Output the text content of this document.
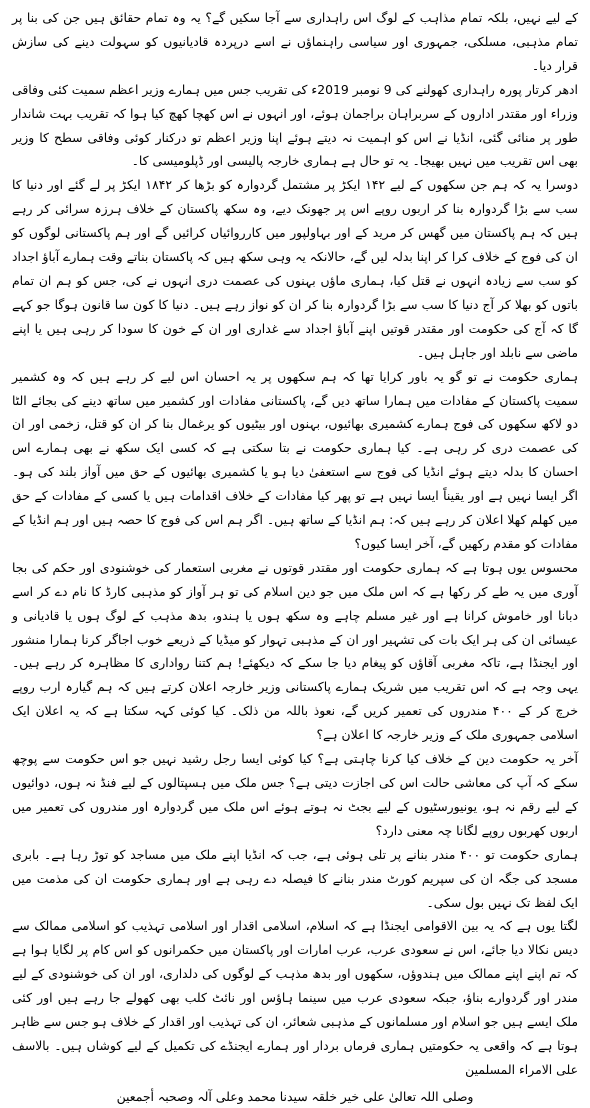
کے لیے نہیں، بلکہ تمام مذاہب کے لوگ اس راہداری سے آجا سکیں گے؟ یہ وہ تمام حقائق ہیں جن کی بنا پر تمام مذہبی، مسلکی، جمہوری اور سیاسی راہنماؤں نے اسے درپردہ قادیانیوں کو سہولت دینے کی سازش قرار دیا۔

ادھر کرتار پورہ راہداری کھولنے کی 9 نومبر 2019ء کی تقریب جس میں ہمارے وزیر اعظم سمیت کئی وفاقی وزراء اور مقتدر اداروں کے سربراہان براجمان ہوئے، اور انہوں نے اس کھچا کھچ کیا ہوا کہ تقریب بہت شاندار طور پر منائی گئی، انڈیا نے اس کو اہمیت نہ دیتے ہوئے اپنا وزیر اعظم تو درکنار کوئی وفاقی سطح کا وزیر بھی اس تقریب میں نہیں بھیجا۔ یہ تو حال ہے ہماری خارجہ پالیسی اور ڈپلومیسی کا۔

دوسرا یہ کہ ہم جن سکھوں کے لیے ۱۴۲ ایکڑ پر مشتمل گردوارہ کو بڑھا کر ۱۸۴۲ ایکڑ پر لے گئے اور دنیا کا سب سے بڑا گردوارہ بنا کر اربوں روپے اس پر جھونک دیے، وہ سکھ پاکستان کے خلاف ہرزہ سرائی کر رہے ہیں کہ ہم پاکستان میں گھس کر مرید کے اور بہاولپور میں کارروائیاں کرائیں گے اور ہم پاکستانی لوگوں کو ان کی فوج کے خلاف کرا کر اپنا بدلہ لیں گے، حالانکہ یہ وہی سکھ ہیں کہ پاکستان بناتے وقت ہمارے آباؤ اجداد کو سب سے زیادہ انہوں نے قتل کیا، ہماری ماؤں بہنوں کی عصمت دری انہوں نے کی، جس کو ہم ان تمام باتوں کو بھلا کر آج دنیا کا سب سے بڑا گردوارہ بنا کر ان کو نواز رہے ہیں۔ دنیا کا کون سا قانون ہوگا جو کہے گا کہ آج کی حکومت اور مقتدر قوتیں اپنے آباؤ اجداد سے غداری اور ان کے خون کا سودا کر رہی ہیں یا اپنے ماضی سے نابلد اور جاہل ہیں۔

ہماری حکومت نے تو گو یہ باور کرایا تھا کہ ہم سکھوں پر یہ احسان اس لیے کر رہے ہیں کہ وہ کشمیر سمیت پاکستان کے مفادات میں ہمارا ساتھ دیں گے، پاکستانی مفادات اور کشمیر میں ساتھ دینے کی بجائے الٹا دو لاکھ سکھوں کی فوج ہمارے کشمیری بھائیوں، بہنوں اور بیٹیوں کو یرغمال بنا کر ان کو قتل، زخمی اور ان کی عصمت دری کر رہی ہے۔ کیا ہماری حکومت نے بتا سکتی ہے کہ کسی ایک سکھ نے بھی ہمارے اس احسان کا بدلہ دیتے ہوئے انڈیا کی فوج سے استعفیٰ دیا ہو یا کشمیری بھائیوں کے حق میں آواز بلند کی ہو۔ اگر ایسا نہیں ہے اور یقیناً ایسا نہیں ہے تو پھر کیا مفادات کے خلاف اقدامات ہیں یا کسی کے مفادات کے حق میں کھلم کھلا اعلان کر رہے ہیں کہ: ہم انڈیا کے ساتھ ہیں۔ اگر ہم اس کی فوج کا حصہ ہیں اور ہم انڈیا کے مفادات کو مقدم رکھیں گے، آخر ایسا کیوں؟

محسوس یوں ہوتا ہے کہ ہماری حکومت اور مقتدر قوتوں نے مغربی استعمار کی خوشنودی اور حکم کی بجا آوری میں یہ طے کر رکھا ہے کہ اس ملک میں جو دین اسلام کی تو ہر آواز کو مذہبی کارڈ کا نام دے کر اسے دبانا اور خاموش کرانا ہے اور غیر مسلم چاہے وہ سکھ ہوں یا ہندو، بدھ مذہب کے لوگ ہوں یا قادیانی و عیسائی ان کی ہر ایک بات کی تشہیر اور ان کے مذہبی تہوار کو میڈیا کے ذریعے خوب اجاگر کرنا ہمارا منشور اور ایجنڈا ہے، تاکہ مغربی آقاؤں کو پیغام دیا جا سکے کہ دیکھئے! ہم کتنا رواداری کا مظاہرہ کر رہے ہیں۔ یہی وجہ ہے کہ اس تقریب میں شریک ہمارے پاکستانی وزیر خارجہ اعلان کرتے ہیں کہ ہم گیارہ ارب روپے خرچ کر کے ۴۰۰ مندروں کی تعمیر کریں گے، نعوذ باللہ من ذلک۔ کیا کوئی کہہ سکتا ہے کہ یہ اعلان ایک اسلامی جمہوری ملک کے وزیر خارجہ کا اعلان ہے؟

آخر یہ حکومت دین کے خلاف کیا کرنا چاہتی ہے؟ کیا کوئی ایسا رجل رشید نہیں جو اس حکومت سے پوچھ سکے کہ آپ کی معاشی حالت اس کی اجازت دیتی ہے؟ جس ملک میں ہسپتالوں کے لیے فنڈ نہ ہوں، دوائیوں کے لیے رقم نہ ہو، یونیورسٹیوں کے لیے بجٹ نہ ہوتے ہوئے اس ملک میں گردوارہ اور مندروں کی تعمیر میں اربوں کھربوں روپے لگانا چہ معنی دارد؟

ہماری حکومت تو ۴۰۰ مندر بنانے پر تلی ہوئی ہے، جب کہ انڈیا اپنے ملک میں مساجد کو توڑ رہا ہے۔ بابری مسجد کی جگہ ان کی سپریم کورٹ مندر بنانے کا فیصلہ دے رہی ہے اور ہماری حکومت ان کی مذمت میں ایک لفظ تک نہیں بول سکی۔

لگتا یوں ہے کہ یہ بین الاقوامی ایجنڈا ہے کہ اسلام، اسلامی اقدار اور اسلامی تہذیب کو اسلامی ممالک سے دیس نکالا دیا جائے، اس نے سعودی عرب، عرب امارات اور پاکستان میں حکمرانوں کو اس کام پر لگایا ہوا ہے کہ تم اپنے اپنے ممالک میں ہندوؤں، سکھوں اور بدھ مذہب کے لوگوں کی دلداری، اور ان کی خوشنودی کے لیے مندر اور گردوارے بناؤ، جبکہ سعودی عرب میں سینما ہاؤس اور نائٹ کلب بھی کھولے جا رہے ہیں اور کئی ملک ایسے ہیں جو اسلام اور مسلمانوں کے مذہبی شعائر، ان کی تہذیب اور اقدار کے خلاف ہو جس سے ظاہر ہوتا ہے کہ واقعی یہ حکومتیں ہماری فرماں بردار اور ہمارے ایجنڈے کی تکمیل کے لیے کوشاں ہیں۔ بالاسف علی الامراء المسلمین

وصلی اللہ تعالیٰ علی خیر خلقہ سیدنا محمد وعلی آلہ وصحبہ أجمعین
